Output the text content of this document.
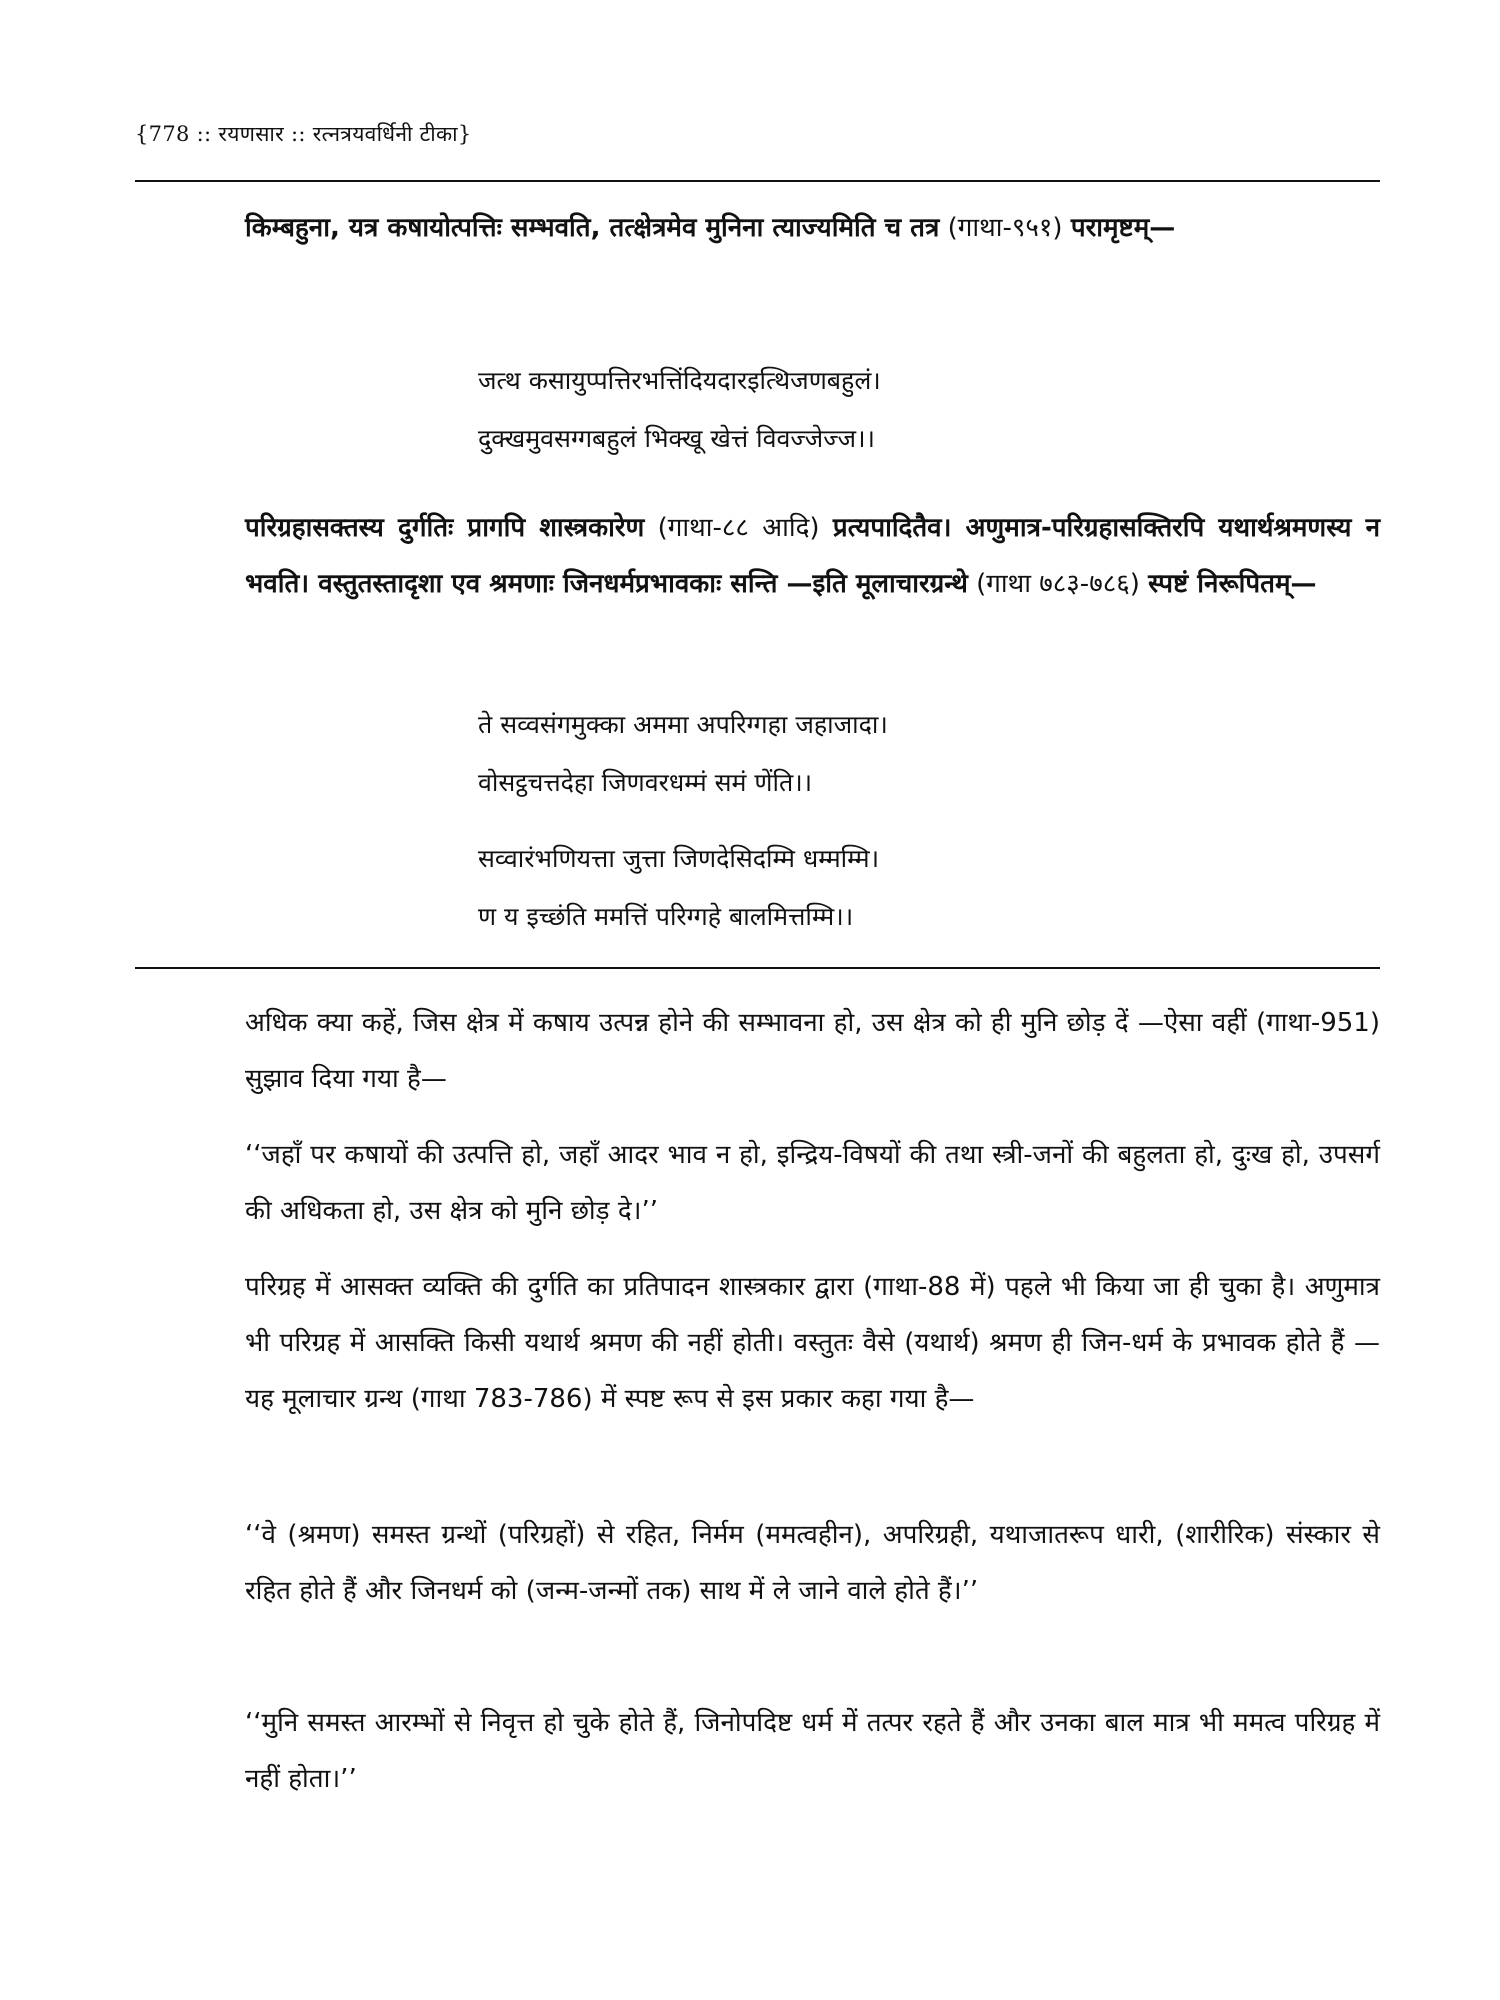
{778 :: रयणसार :: रत्नत्रयवर्धिनी टीका}
किम्बहुना, यत्र कषायोत्पत्तिः सम्भवति, तत्क्षेत्रमेव मुनिना त्याज्यमिति च तत्र (गाथा-९५१) परामृष्टम्—
जत्थ कसायुप्पत्तिरभत्तिंदियदारइत्थिजणबहुलं।
दुक्खमुवसग्गबहुलं भिक्खू खेत्तं विवज्जेज्ज।।
परिग्रहासक्तस्य दुर्गतिः प्रागपि शास्त्रकारेण (गाथा-८८ आदि) प्रत्यपादितैव। अणुमात्र-परिग्रहासक्तिरपि यथार्थश्रमणस्य न भवति। वस्तुतस्तादृशा एव श्रमणाः जिनधर्मप्रभावकाः सन्ति —इति मूलाचारग्रन्थे (गाथा ७८३-७८६) स्पष्टं निरूपितम्—
ते सव्वसंगमुक्का अममा अपरिग्गहा जहाजादा।
वोसट्ठचत्तदेहा जिणवरधम्मं समं णेंति।।
सव्वारंभणियत्ता जुत्ता जिणदेसिदम्मि धम्मम्मि।
ण य इच्छंति ममत्तिं परिग्गहे बालमित्तम्मि।।
अधिक क्या कहें, जिस क्षेत्र में कषाय उत्पन्न होने की सम्भावना हो, उस क्षेत्र को ही मुनि छोड़ दें —ऐसा वहीं (गाथा-951) सुझाव दिया गया है—
‘‘जहाँ पर कषायों की उत्पत्ति हो, जहाँ आदर भाव न हो, इन्द्रिय-विषयों की तथा स्त्री-जनों की बहुलता हो, दुःख हो, उपसर्ग की अधिकता हो, उस क्षेत्र को मुनि छोड़ दे।’’
परिग्रह में आसक्त व्यक्ति की दुर्गति का प्रतिपादन शास्त्रकार द्वारा (गाथा-88 में) पहले भी किया जा ही चुका है। अणुमात्र भी परिग्रह में आसक्ति किसी यथार्थ श्रमण की नहीं होती। वस्तुतः वैसे (यथार्थ) श्रमण ही जिन-धर्म के प्रभावक होते हैं —यह मूलाचार ग्रन्थ (गाथा 783-786) में स्पष्ट रूप से इस प्रकार कहा गया है—
‘‘वे (श्रमण) समस्त ग्रन्थों (परिग्रहों) से रहित, निर्मम (ममत्वहीन), अपरिग्रही, यथाजातरूप धारी, (शारीरिक) संस्कार से रहित होते हैं और जिनधर्म को (जन्म-जन्मों तक) साथ में ले जाने वाले होते हैं।’’
‘‘मुनि समस्त आरम्भों से निवृत्त हो चुके होते हैं, जिनोपदिष्ट धर्म में तत्पर रहते हैं और उनका बाल मात्र भी ममत्व परिग्रह में नहीं होता।’’
